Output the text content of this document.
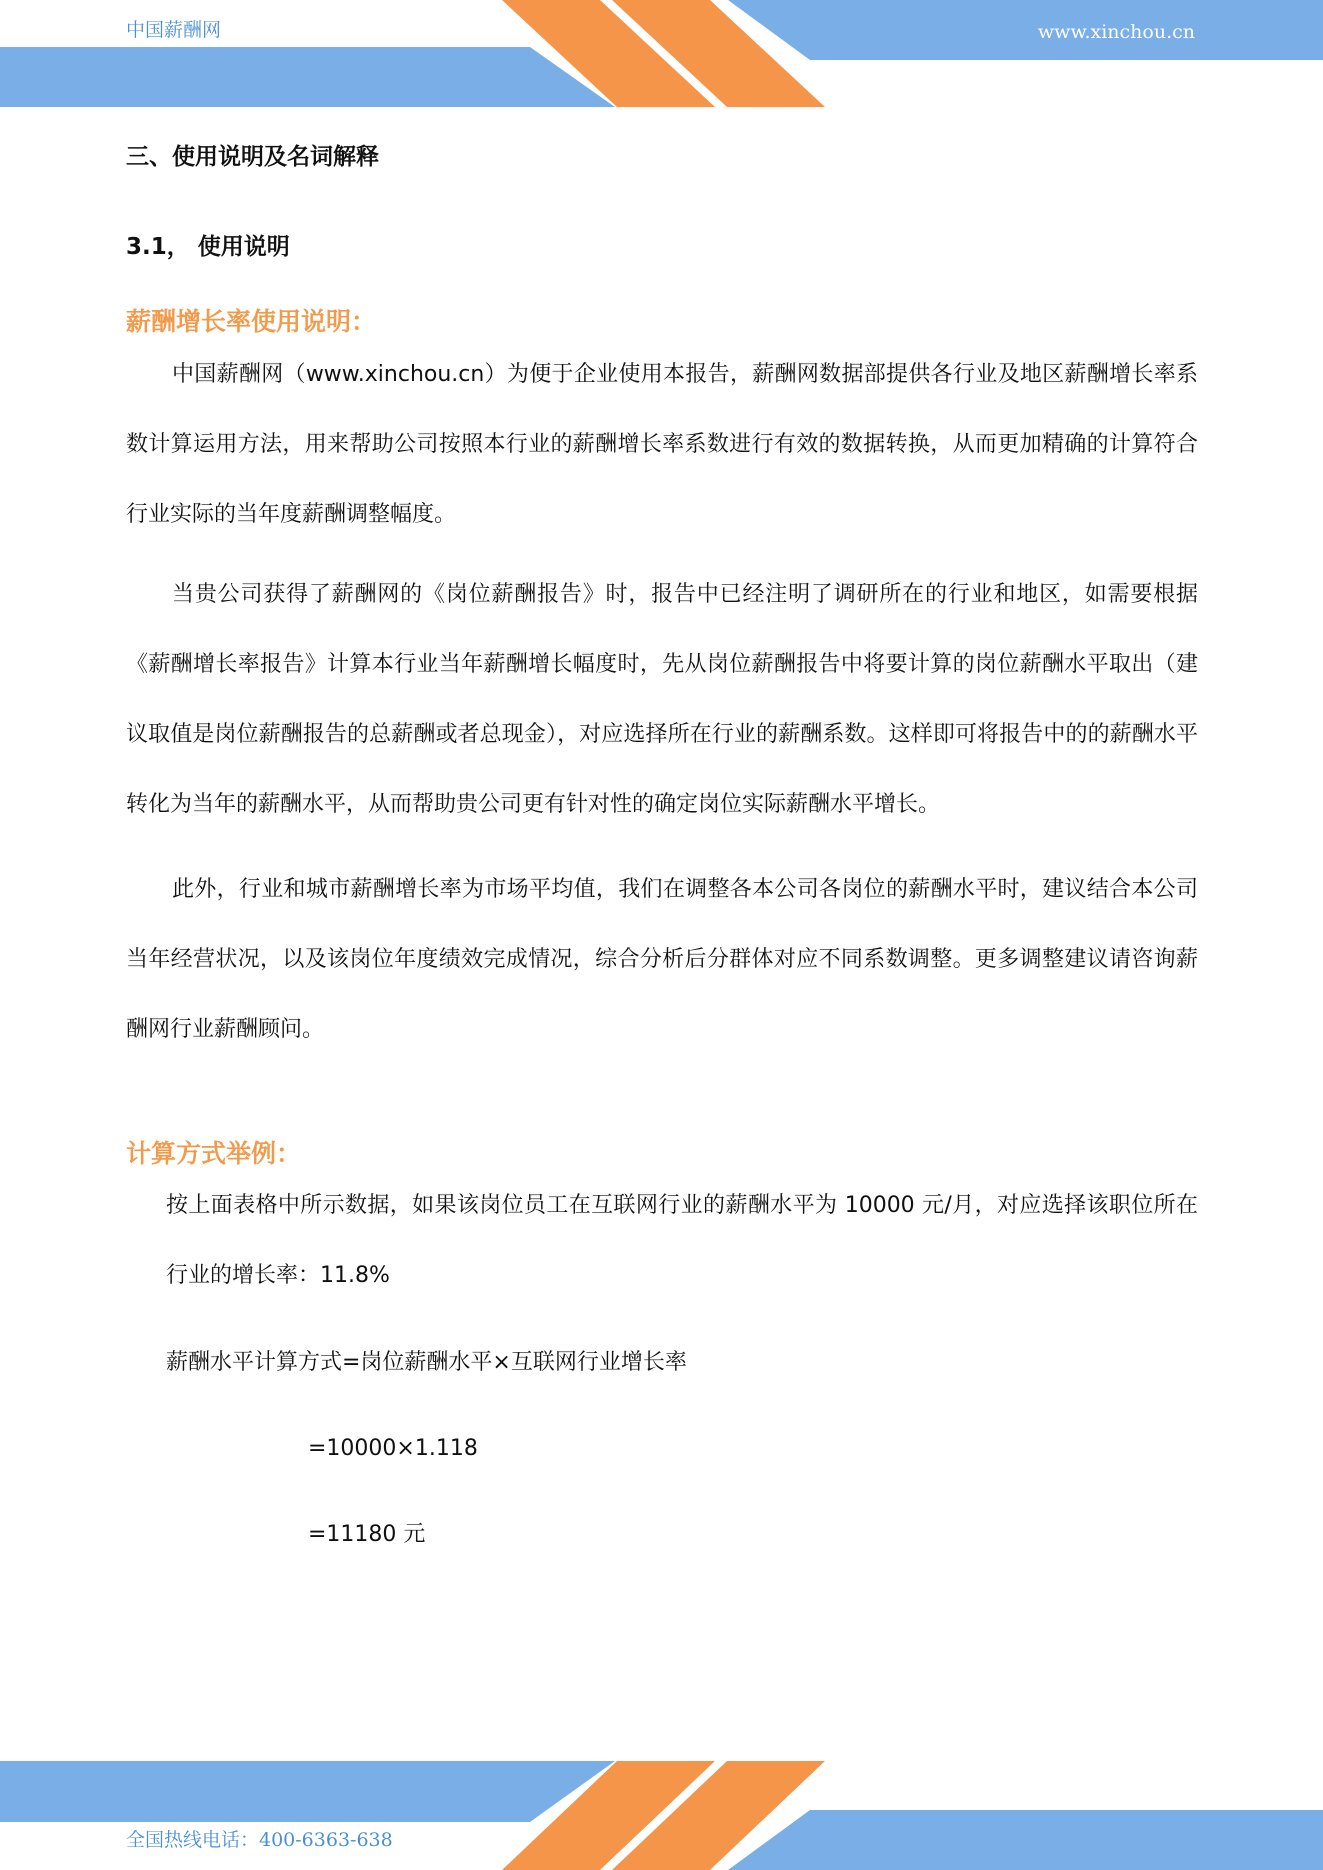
中国薪酬网	www.xinchou.cn
三、使用说明及名词解释
3.1， 使用说明
薪酬增长率使用说明：

中国薪酬网（www.xinchou.cn）为便于企业使用本报告，薪酬网数据部提供各行业及地区薪酬增长率系数计算运用方法，用来帮助公司按照本行业的薪酬增长率系数进行有效的数据转换，从而更加精确的计算符合行业实际的当年度薪酬调整幅度。

当贵公司获得了薪酬网的《岗位薪酬报告》时，报告中已经注明了调研所在的行业和地区，如需要根据《薪酬增长率报告》计算本行业当年薪酬增长幅度时，先从岗位薪酬报告中将要计算的岗位薪酬水平取出（建议取值是岗位薪酬报告的总薪酬或者总现金），对应选择所在行业的薪酬系数。这样即可将报告中的的薪酬水平转化为当年的薪酬水平，从而帮助贵公司更有针对性的确定岗位实际薪酬水平增长。

此外，行业和城市薪酬增长率为市场平均值，我们在调整各本公司各岗位的薪酬水平时，建议结合本公司当年经营状况，以及该岗位年度绩效完成情况，综合分析后分群体对应不同系数调整。更多调整建议请咨询薪酬网行业薪酬顾问。

计算方式举例：

按上面表格中所示数据，如果该岗位员工在互联网行业的薪酬水平为 10000 元/月，对应选择该职位所在行业的增长率：11.8%

薪酬水平计算方式=岗位薪酬水平×互联网行业增长率
=10000×1.118
=11180 元
全国热线电话：400-6363-638
